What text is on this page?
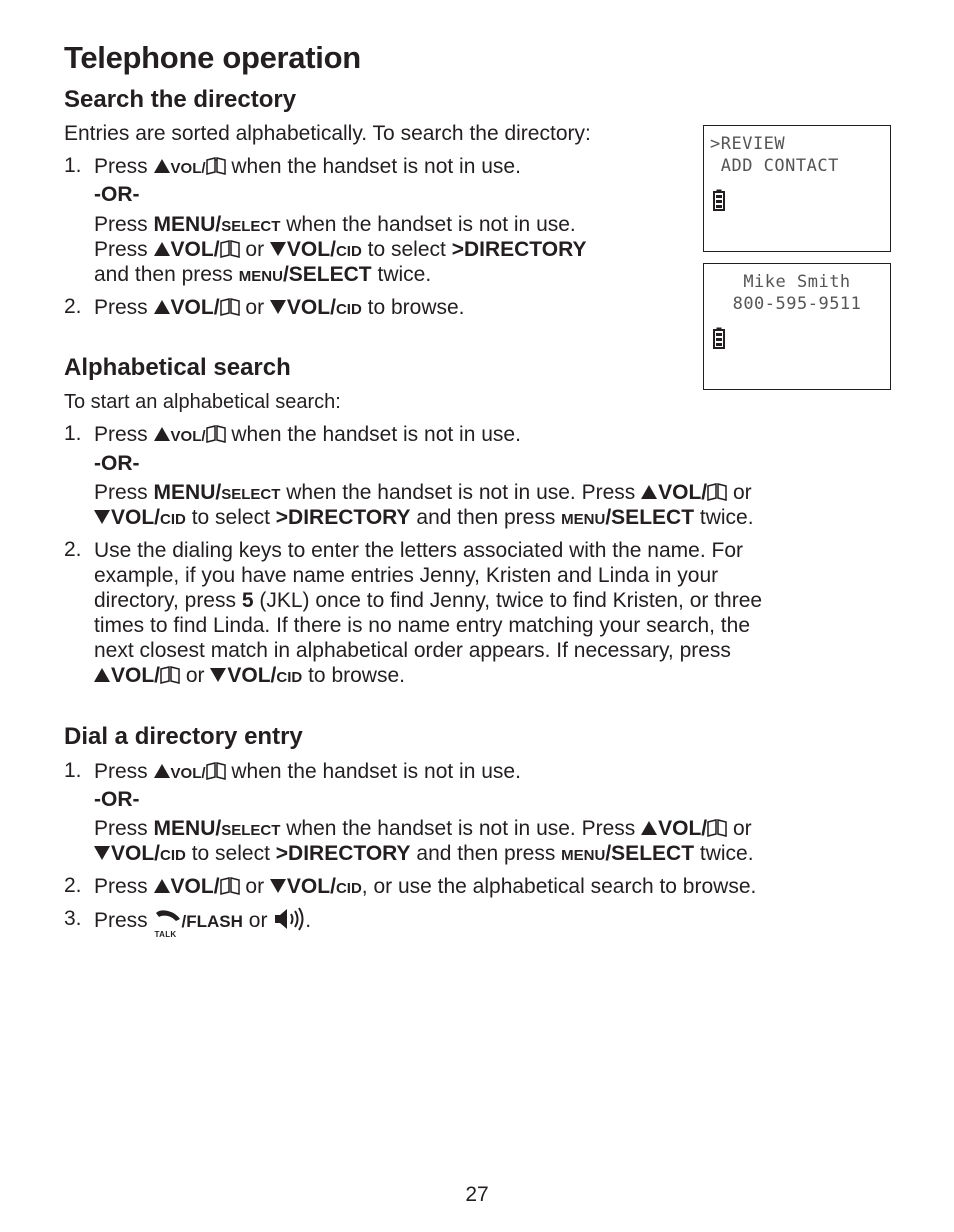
Telephone operation
Search the directory
Entries are sorted alphabetically. To search the directory:
1. Press VOL/ when the handset is not in use.
-OR-
Press MENU/SELECT when the handset is not in use.
Press VOL/ or VOL/CID to select >DIRECTORY
and then press MENU/SELECT twice.
2. Press VOL/ or VOL/CID to browse.
>REVIEW
ADD CONTACT
Mike Smith
800-595-9511
Alphabetical search
To start an alphabetical search:
1. Press VOL/ when the handset is not in use.
-OR-
Press MENU/SELECT when the handset is not in use. Press VOL/ or
VOL/CID to select >DIRECTORY and then press MENU/SELECT twice.
2. Use the dialing keys to enter the letters associated with the name. For
example, if you have name entries Jenny, Kristen and Linda in your
directory, press 5 (JKL) once to find Jenny, twice to find Kristen, or three
times to find Linda. If there is no name entry matching your search, the
next closest match in alphabetical order appears. If necessary, press
VOL/ or VOL/CID to browse.
Dial a directory entry
1. Press VOL/ when the handset is not in use.
-OR-
Press MENU/SELECT when the handset is not in use. Press VOL/ or
VOL/CID to select >DIRECTORY and then press MENU/SELECT twice.
2. Press VOL/ or VOL/CID, or use the alphabetical search to browse.
3. Press
TALK
/FLASH or .
27
